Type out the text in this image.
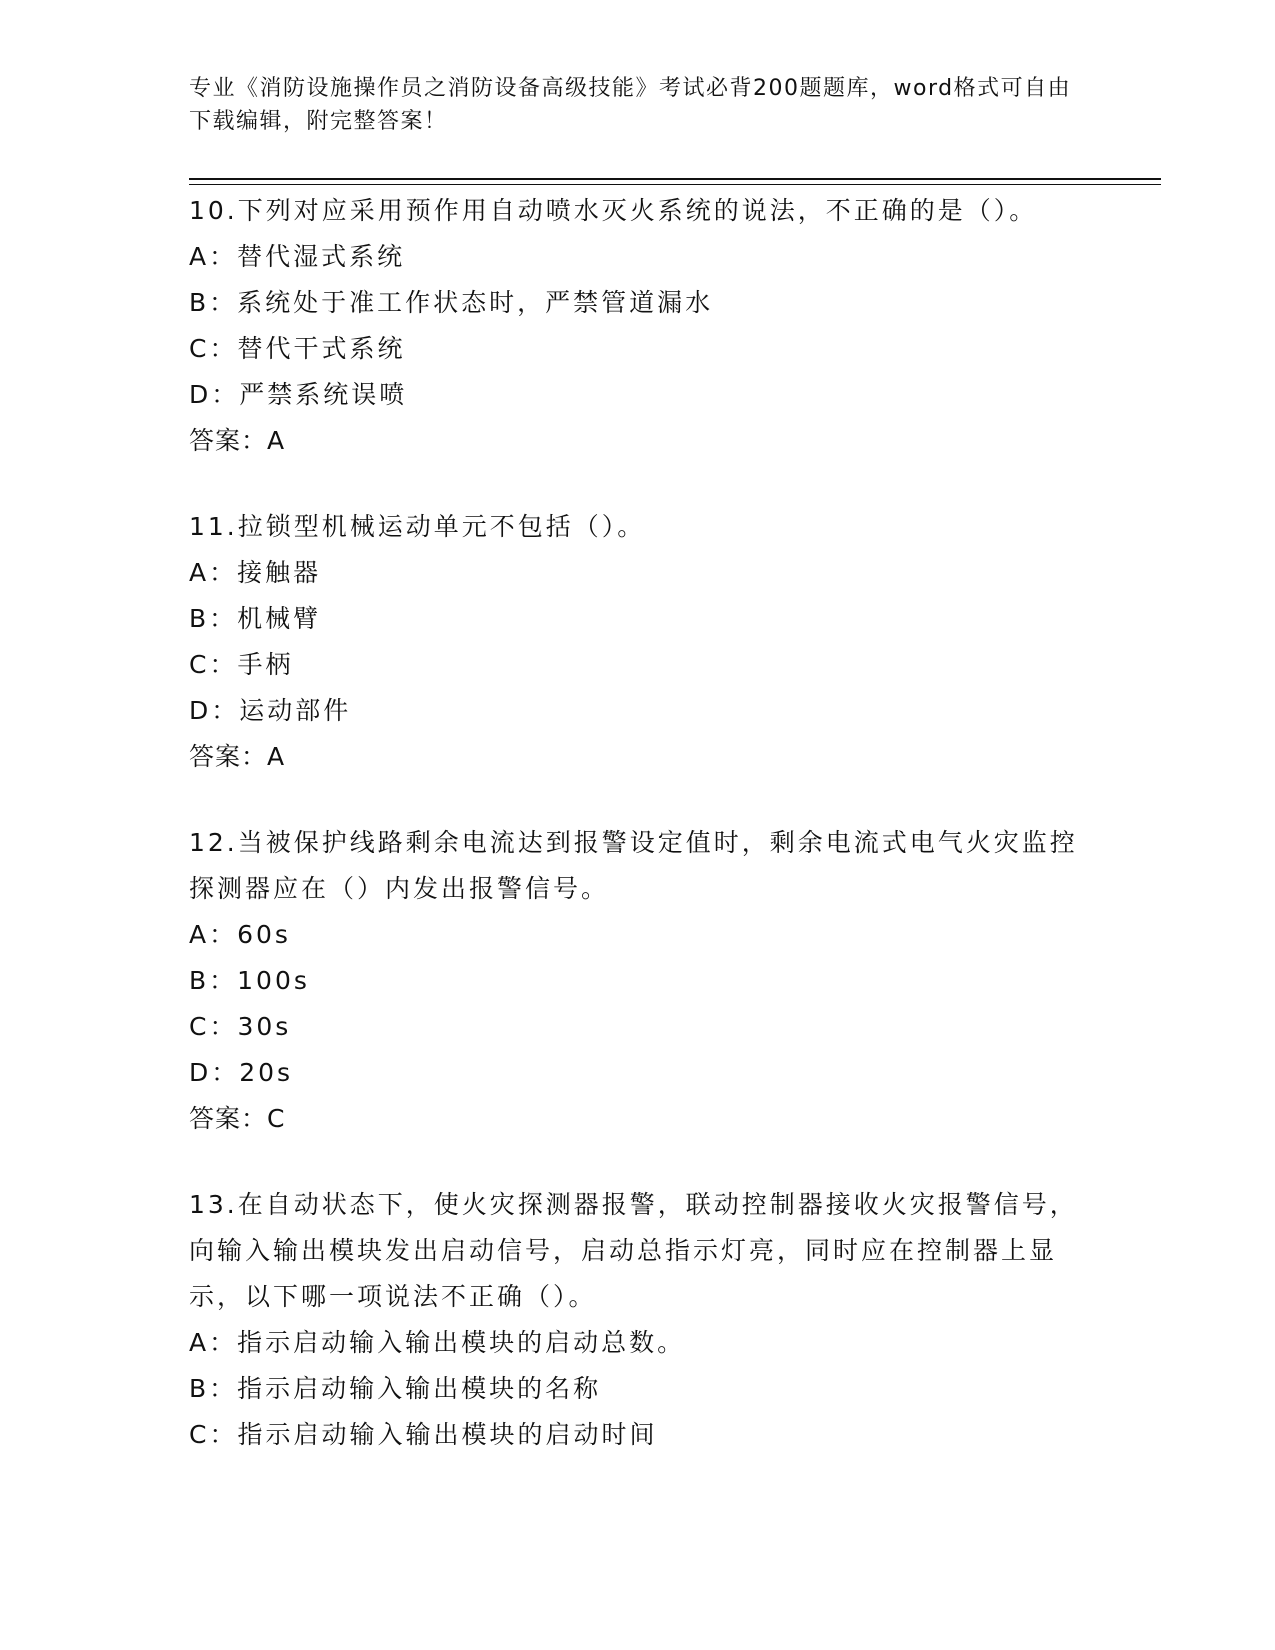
专业《消防设施操作员之消防设备高级技能》考试必背200题题库，word格式可自由下载编辑，附完整答案！
10.下列对应采用预作用自动喷水灭火系统的说法，不正确的是（）。
A：替代湿式系统
B：系统处于准工作状态时，严禁管道漏水
C：替代干式系统
D：严禁系统误喷
答案：A
11.拉锁型机械运动单元不包括（）。
A：接触器
B：机械臂
C：手柄
D：运动部件
答案：A
12.当被保护线路剩余电流达到报警设定值时，剩余电流式电气火灾监控探测器应在（）内发出报警信号。
A：60s
B：100s
C：30s
D：20s
答案：C
13.在自动状态下，使火灾探测器报警，联动控制器接收火灾报警信号，向输入输出模块发出启动信号，启动总指示灯亮，同时应在控制器上显示，以下哪一项说法不正确（）。
A：指示启动输入输出模块的启动总数。
B：指示启动输入输出模块的名称
C：指示启动输入输出模块的启动时间
